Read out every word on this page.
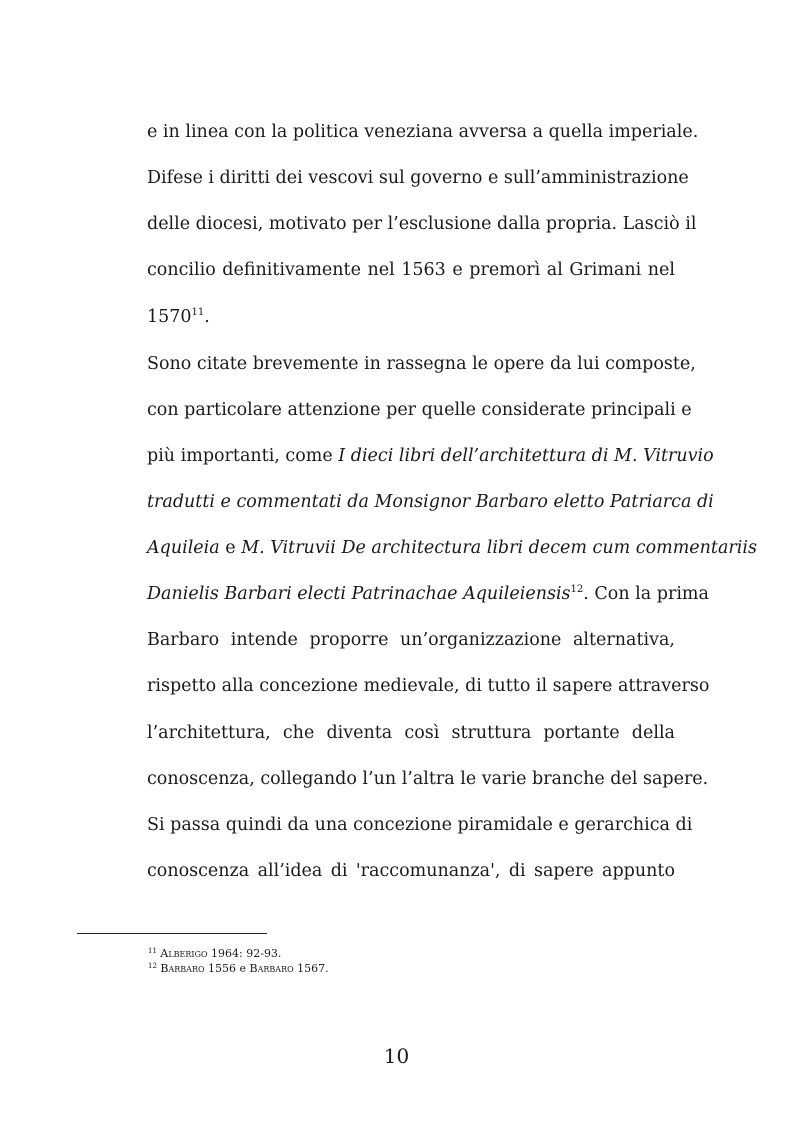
e in linea con la politica veneziana avversa a quella imperiale.
Difese i diritti dei vescovi sul governo e sull’amministrazione
delle diocesi, motivato per l’esclusione dalla propria. Lasciò il
concilio definitivamente nel 1563 e premorì al Grimani nel
1570$^{11}$.
Sono citate brevemente in rassegna le opere da lui composte,
con particolare attenzione per quelle considerate principali e
più importanti, come I dieci libri dell’architettura di M. Vitruvio
tradutti e commentati da Monsignor Barbaro eletto Patriarca di
Aquileia e M. Vitruvii De architectura libri decem cum commentariis
Danielis Barbari electi Patrinachae Aquileiensis$^{12}$. Con la prima
Barbaro intende proporre un’organizzazione alternativa,
rispetto alla concezione medievale, di tutto il sapere attraverso
l’architettura, che diventa così struttura portante della
conoscenza, collegando l’un l’altra le varie branche del sapere.
Si passa quindi da una concezione piramidale e gerarchica di
conoscenza all’idea di 'raccomunanza', di sapere appunto
$^{11}$ Alberigo 1964: 92-93.
$^{12}$ Barbaro 1556 e Barbaro 1567.
10
